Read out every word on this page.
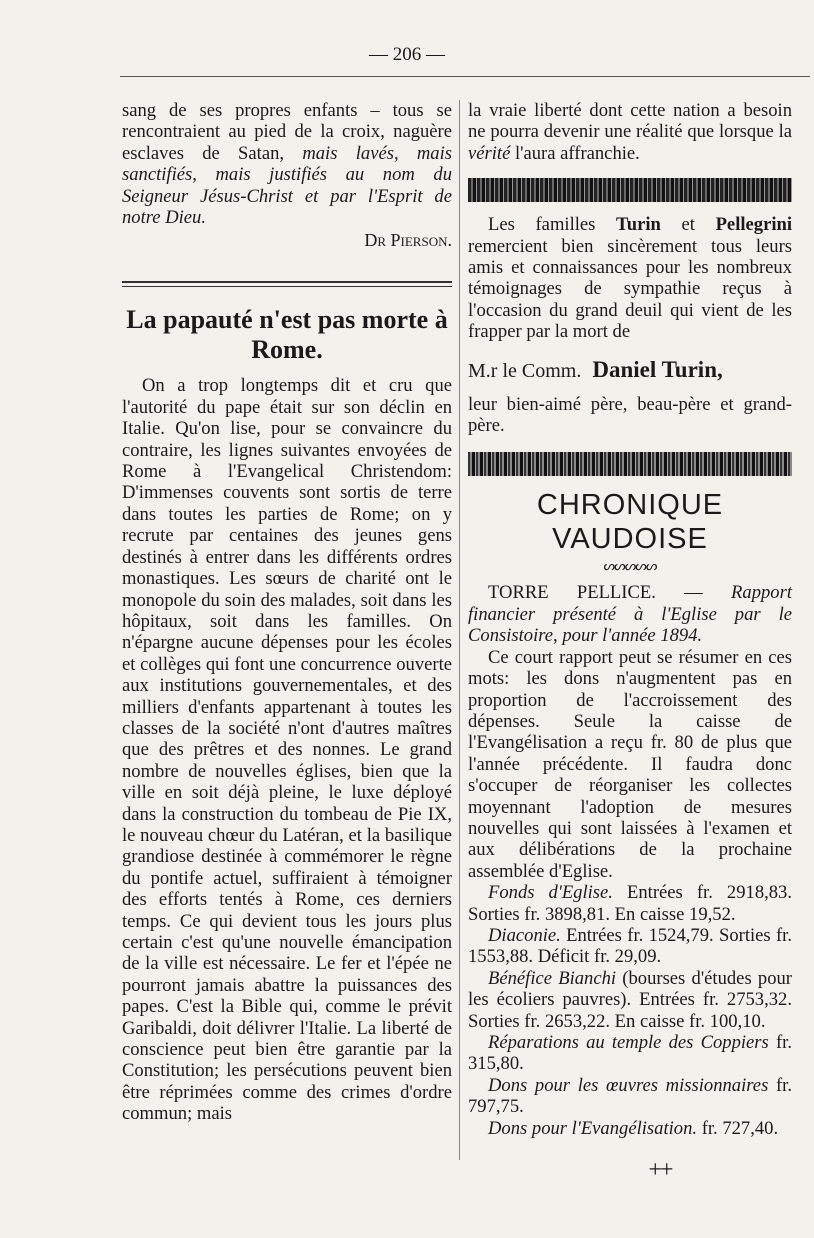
— 206 —

sang de ses propres enfants – tous se rencontraient au pied de la croix, naguère esclaves de Satan, mais lavés, mais sanctifiés, mais justifiés au nom du Seigneur Jésus-Christ et par l'Esprit de notre Dieu.

Dr Pierson.
La papauté n'est pas morte à Rome.

On a trop longtemps dit et cru que l'autorité du pape était sur son déclin en Italie. Qu'on lise, pour se convaincre du contraire, les lignes suivantes envoyées de Rome à l'Evangelical Christendom: D'immenses couvents sont sortis de terre dans toutes les parties de Rome; on y recrute par centaines des jeunes gens destinés à entrer dans les différents ordres monastiques. Les sœurs de charité ont le monopole du soin des malades, soit dans les hôpitaux, soit dans les familles. On n'épargne aucune dépenses pour les écoles et collèges qui font une concurrence ouverte aux institutions gouvernementales, et des milliers d'enfants appartenant à toutes les classes de la société n'ont d'autres maîtres que des prêtres et des nonnes. Le grand nombre de nouvelles églises, bien que la ville en soit déjà pleine, le luxe déployé dans la construction du tombeau de Pie IX, le nouveau chœur du Latéran, et la basilique grandiose destinée à commémorer le règne du pontife actuel, suffiraient à témoigner des efforts tentés à Rome, ces derniers temps. Ce qui devient tous les jours plus certain c'est qu'une nouvelle émancipation de la ville est nécessaire. Le fer et l'épée ne pourront jamais abattre la puissances des papes. C'est la Bible qui, comme le prévit Garibaldi, doit délivrer l'Italie. La liberté de conscience peut bien être garantie par la Constitution; les persécutions peuvent bien être réprimées comme des crimes d'ordre commun; mais

la vraie liberté dont cette nation a besoin ne pourra devenir une réalité que lorsque la vérité l'aura affranchie.

Les familles Turin et Pellegrini remercient bien sincèrement tous leurs amis et connaissances pour les nombreux témoignages de sympathie reçus à l'occasion du grand deuil qui vient de les frapper par la mort de

M.r le Comm. Daniel Turin,

leur bien-aimé père, beau-père et grand-père.

CHRONIQUE VAUDOISE
ᔕᔕᔕᔕᔕ

TORRE PELLICE. — Rapport financier présenté à l'Eglise par le Consistoire, pour l'année 1894.

Ce court rapport peut se résumer en ces mots: les dons n'augmentent pas en proportion de l'accroissement des dépenses. Seule la caisse de l'Evangélisation a reçu fr. 80 de plus que l'année précédente. Il faudra donc s'occuper de réorganiser les collectes moyennant l'adoption de mesures nouvelles qui sont laissées à l'examen et aux délibérations de la prochaine assemblée d'Eglise.

Fonds d'Eglise. Entrées fr. 2918,83. Sorties fr. 3898,81. En caisse 19,52.

Diaconie. Entrées fr. 1524,79. Sorties fr. 1553,88. Déficit fr. 29,09.

Bénéfice Bianchi (bourses d'études pour les écoliers pauvres). Entrées fr. 2753,32. Sorties fr. 2653,22. En caisse fr. 100,10.

Réparations au temple des Coppiers fr. 315,80.

Dons pour les œuvres missionnaires fr. 797,75.

Dons pour l'Evangélisation. fr. 727,40.

++
